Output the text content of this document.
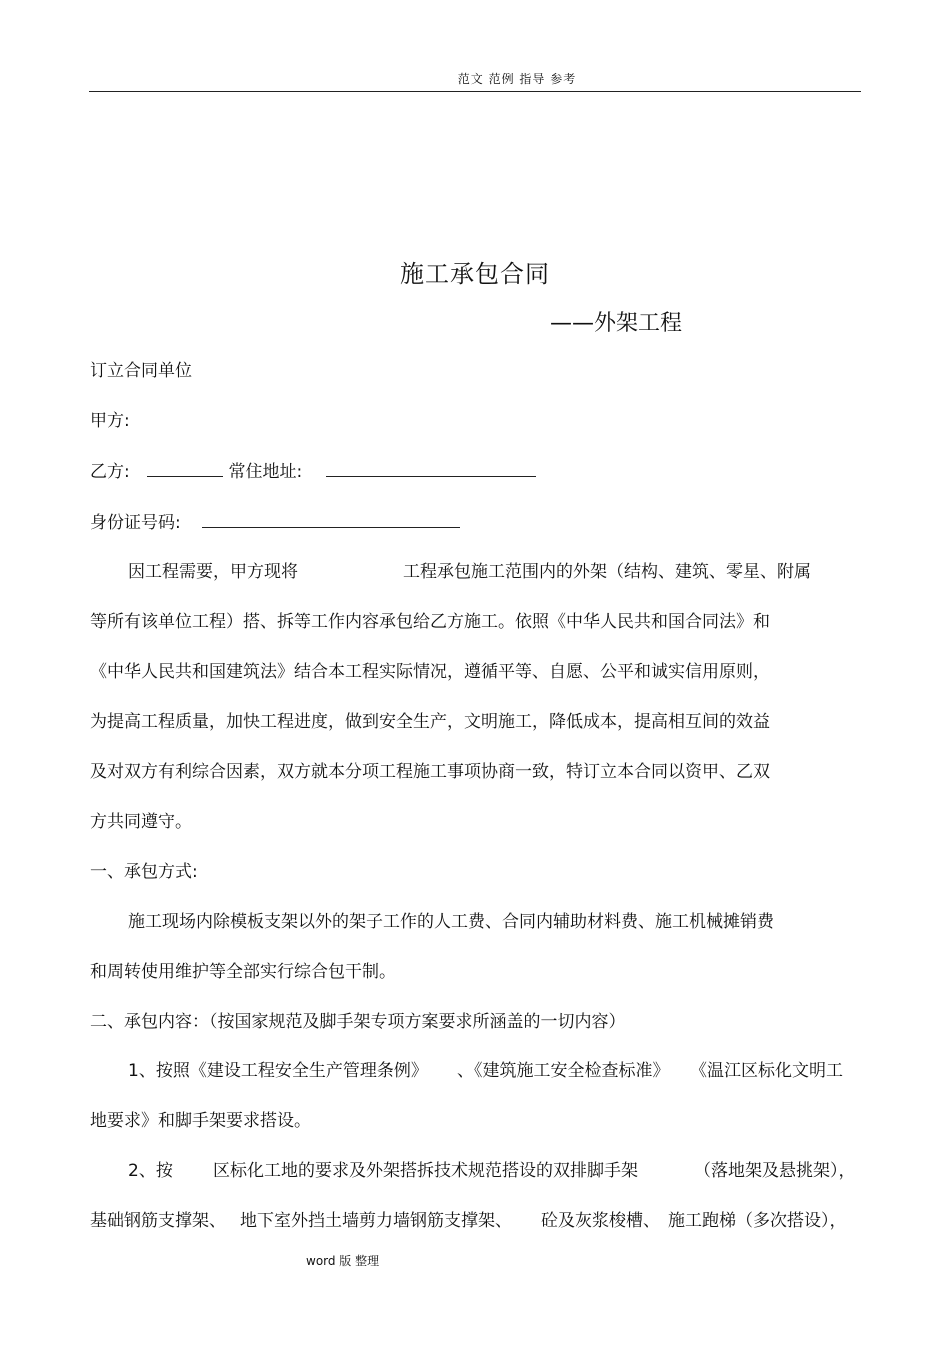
范文 范例 指导 参考
施工承包合同
——外架工程
订立合同单位
甲方:
乙方:	常住地址:
身份证号码:
因工程需要，甲方现将	工程承包施工范围内的外架（结构、建筑、零星、附属
等所有该单位工程）搭、拆等工作内容承包给乙方施工。依照《中华人民共和国合同法》和
《中华人民共和国建筑法》结合本工程实际情况，遵循平等、自愿、公平和诚实信用原则，
为提高工程质量，加快工程进度，做到安全生产，文明施工，降低成本，提高相互间的效益
及对双方有利综合因素，双方就本分项工程施工事项协商一致，特订立本合同以资甲、乙双
方共同遵守。
一、承包方式:
施工现场内除模板支架以外的架子工作的人工费、合同内辅助材料费、施工机械摊销费
和周转使用维护等全部实行综合包干制。
二、承包内容：（按国家规范及脚手架专项方案要求所涵盖的一切内容）
1、按照《建设工程安全生产管理条例》 、《建筑施工安全检查标准》 《温江区标化文明工
地要求》和脚手架要求搭设。
2、按 区标化工地的要求及外架搭拆技术规范搭设的双排脚手架	（落地架及悬挑架），
基础钢筋支撑架、 地下室外挡土墙剪力墙钢筋支撑架、 砼及灰浆梭槽、 施工跑梯（多次搭设），
word 版 整理
